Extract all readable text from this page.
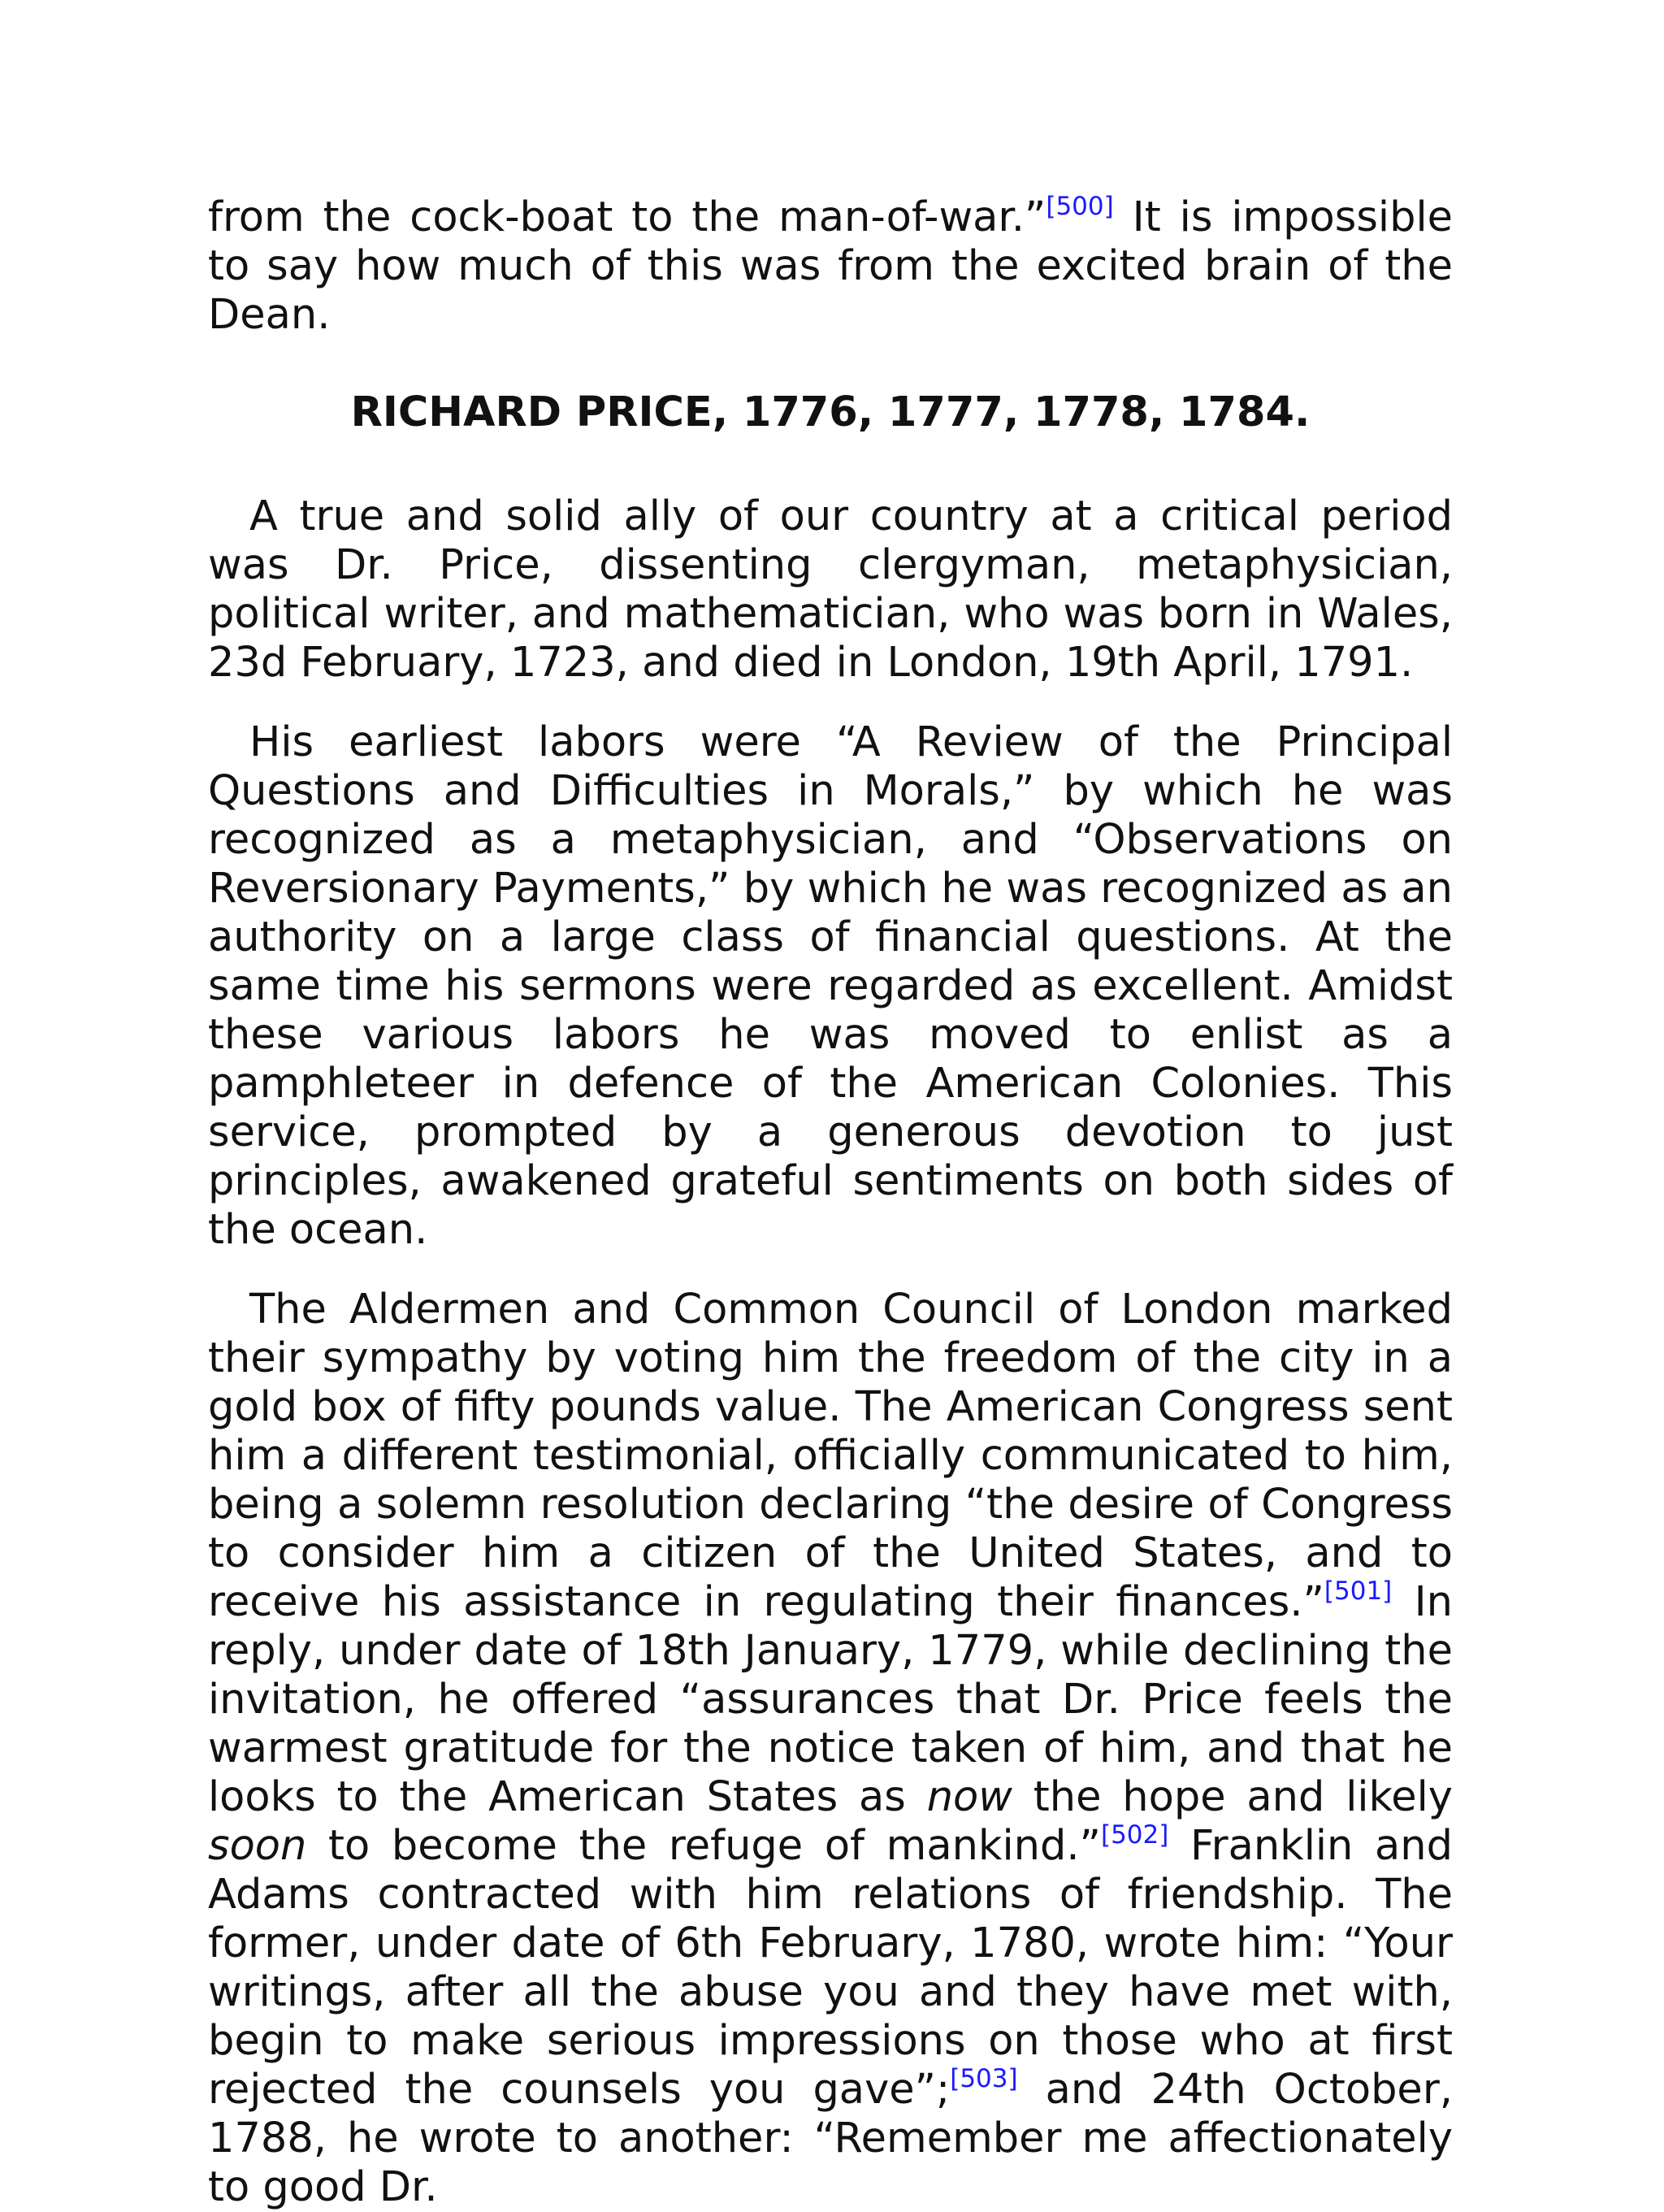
from the cock-boat to the man-of-war.”[500] It is impossible to say how much of this was from the excited brain of the Dean.

RICHARD PRICE, 1776, 1777, 1778, 1784.

A true and solid ally of our country at a critical period was Dr. Price, dissenting clergyman, metaphysician, political writer, and mathematician, who was born in Wales, 23d February, 1723, and died in London, 19th April, 1791.

His earliest labors were “A Review of the Principal Questions and Difficulties in Morals,” by which he was recognized as a metaphysician, and “Observations on Reversionary Payments,” by which he was recognized as an authority on a large class of financial questions. At the same time his sermons were regarded as excellent. Amidst these various labors he was moved to enlist as a pamphleteer in defence of the American Colonies. This service, prompted by a generous devotion to just principles, awakened grateful sentiments on both sides of the ocean.

The Aldermen and Common Council of London marked their sympathy by voting him the freedom of the city in a gold box of fifty pounds value. The American Congress sent him a different testimonial, officially communicated to him, being a solemn resolution declaring “the desire of Congress to consider him a citizen of the United States, and to receive his assistance in regulating their finances.”[501] In reply, under date of 18th January, 1779, while declining the invitation, he offered “assurances that Dr. Price feels the warmest gratitude for the notice taken of him, and that he looks to the American States as now the hope and likely soon to become the refuge of mankind.”[502] Franklin and Adams contracted with him relations of friendship. The former, under date of 6th February, 1780, wrote him: “Your writings, after all the abuse you and they have met with, begin to make serious impressions on those who at first rejected the counsels you gave”;[503] and 24th October, 1788, he wrote to another: “Remember me affectionately to good Dr.
